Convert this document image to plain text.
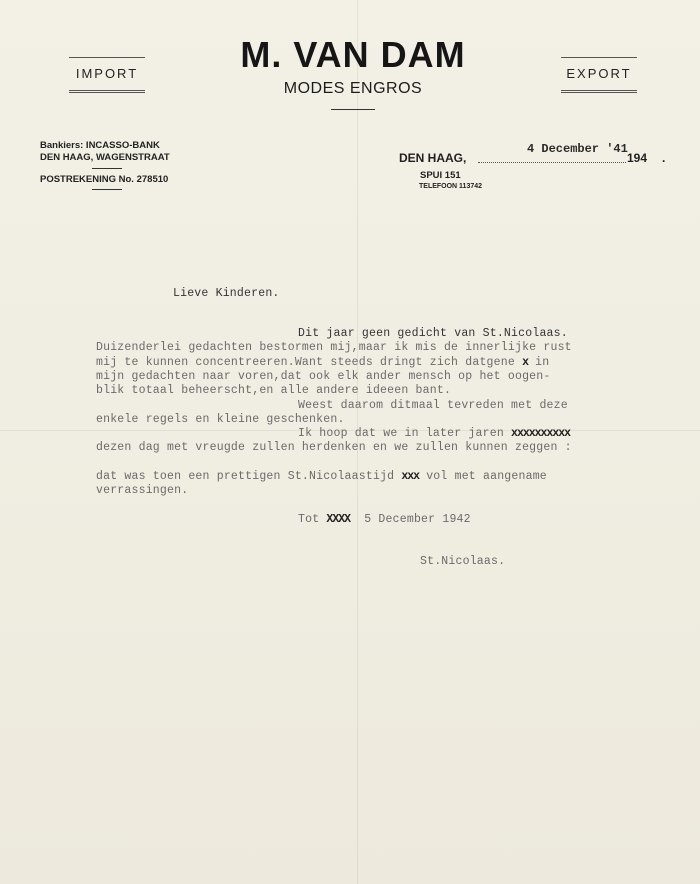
IMPORT	M. VAN DAM
MODES ENGROS
EXPORT
Bankiers: INCASSO-BANK
DEN HAAG, WAGENSTRAAT
POSTREKENING No. 278510
DEN HAAG,
4 December '41
194 .
SPUI 151
TELEFOON 113742
Lieve Kinderen.
Dit jaar geen gedicht van St.Nicolaas.
Duizenderlei gedachten bestormen mij,maar ik mis de innerlijke rust
mij te kunnen concentreeren.Want steeds dringt zich datgene x in
mijn gedachten naar voren,dat ook elk ander mensch op het oogen-
blik totaal beheerscht,en alle andere ideeen bant.
Weest daarom ditmaal tevreden met deze
enkele regels en kleine geschenken.
Ik hoop dat we in later jaren xxxxxxxxxx
dezen dag met vreugde zullen herdenken en we zullen kunnen zeggen :
dat was toen een prettigen St.Nicolaastijd xxx vol met aangename
verrassingen.
Tot XXXX 5 December 1942
St.Nicolaas.
